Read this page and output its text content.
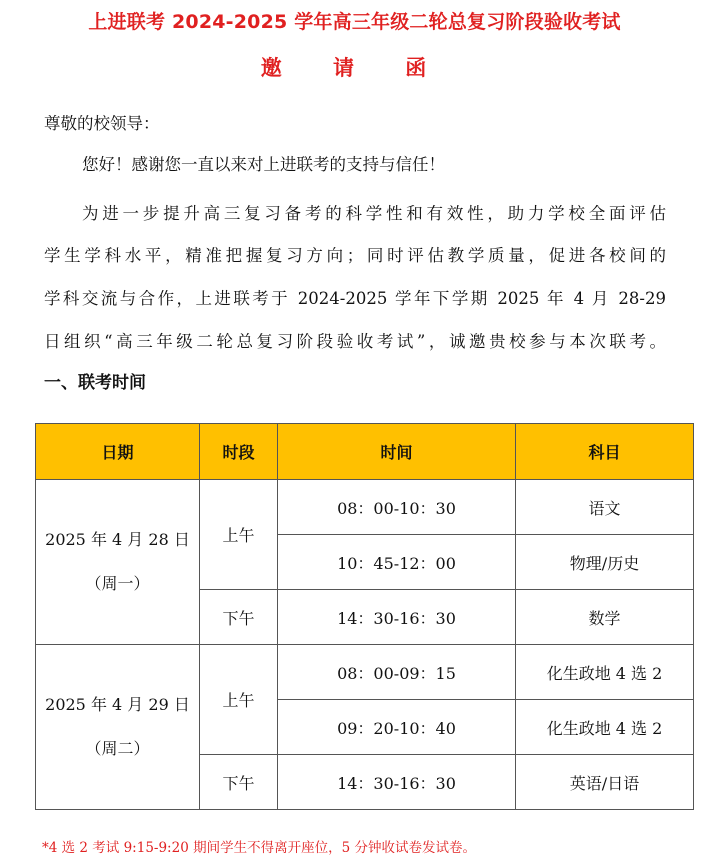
上进联考 2024-2025 学年高三年级二轮总复习阶段验收考试
邀 请 函
尊敬的校领导：
您好！感谢您一直以来对上进联考的支持与信任！
为进一步提升高三复习备考的科学性和有效性，助力学校全面评估
学生学科水平，精准把握复习方向；同时评估教学质量，促进各校间的
学科交流与合作，上进联考于 2024-2025 学年下学期 2025 年 4 月 28-29
日组织“高三年级二轮总复习阶段验收考试”，诚邀贵校参与本次联考。
一、联考时间
日期	时段	时间	科目

2025 年 4 月 28 日
（周一）	上午	08：00-10：30	语文
		10：45-12：00	物理/历史
	下午	14：30-16：30	数学

2025 年 4 月 29 日
（周二）	上午	08：00-09：15	化生政地 4 选 2
		09：20-10：40	化生政地 4 选 2
	下午	14：30-16：30	英语/日语
*4 选 2 考试 9:15-9:20 期间学生不得离开座位，5 分钟收试卷发试卷。
